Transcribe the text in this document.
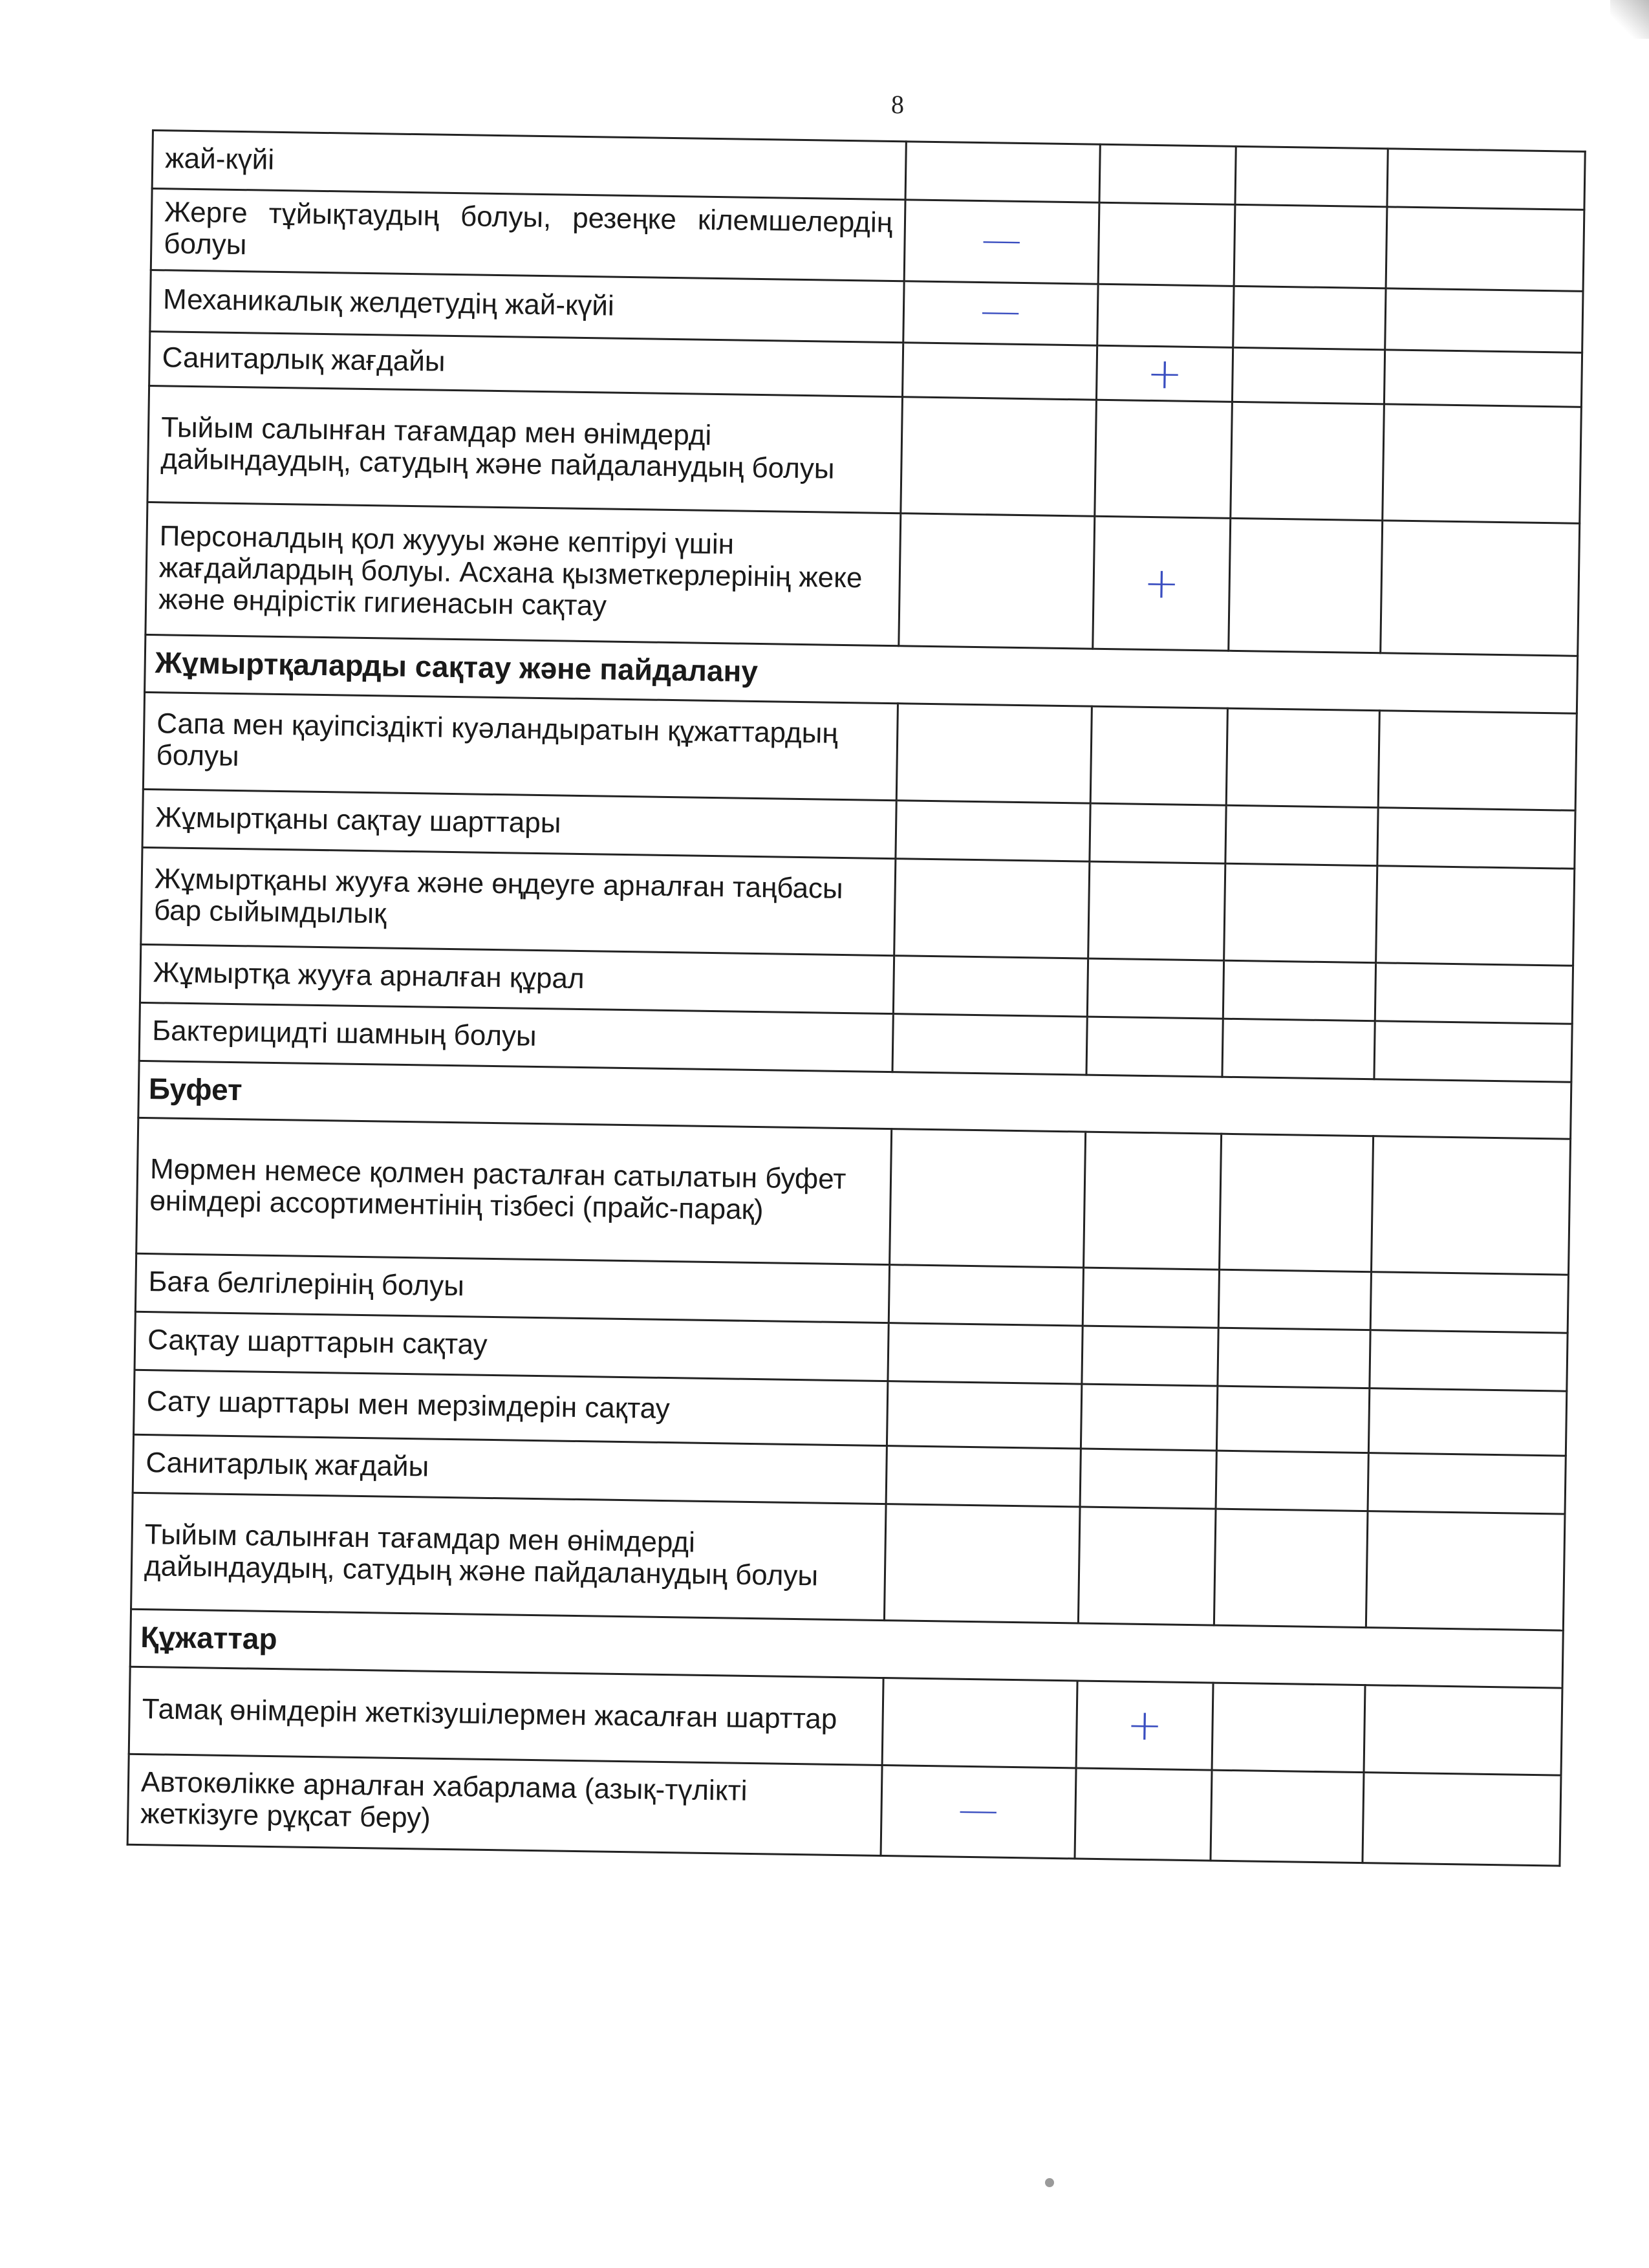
8
жай-күйі				
Жерге тұйықтаудың болуы, резеңке кілемшелердің болуы	−			
Механикалық желдетудің жай-күйі	−			
Санитарлық жағдайы		+		
Тыйым салынған тағамдар мен өнімдерді дайындаудың, сатудың және пайдаланудың болуы				
Персоналдың қол жуууы және кептіруі үшін жағдайлардың болуы. Асхана қызметкерлерінің жеке және өндірістік гигиенасын сақтау		+		
Жұмыртқаларды сақтау және пайдалану				
Сапа мен қауіпсіздікті куәландыратын құжаттардың болуы				
Жұмыртқаны сақтау шарттары				
Жұмыртқаны жууға және өңдеуге арналған таңбасы бар сыйымдылық				
Жұмыртқа жууға арналған құрал				
Бактерицидті шамның болуы				
Буфет				
Мөрмен немесе қолмен расталған сатылатын буфет өнімдері ассортиментінің тізбесі (прайс-парақ)				
Баға белгілерінің болуы				
Сақтау шарттарын сақтау				
Сату шарттары мен мерзімдерін сақтау				
Санитарлық жағдайы				
Тыйым салынған тағамдар мен өнімдерді дайындаудың, сатудың және пайдаланудың болуы				
Құжаттар				
Тамақ өнімдерін жеткізушілермен жасалған шарттар		+		
Автокөлікке арналған хабарлама (азық-түлікті жеткізуге рұқсат беру)	−			
